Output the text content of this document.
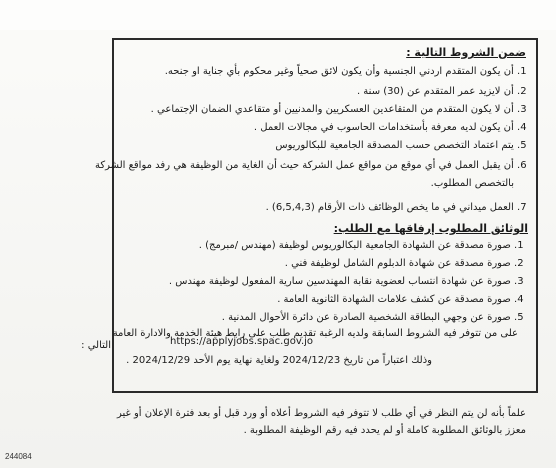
ضمن الشروط التالية :
1. أن يكون المتقدم اردني الجنسية وأن يكون لائق صحياً وغير محكوم بأي جناية او جنحه.
2. أن لايزيد عمر المتقدم عن (30) سنة .
3. أن لا يكون المتقدم من المتقاعدين العسكريين والمدنيين أو متقاعدي الضمان الإجتماعي .
4. أن يكون لديه معرفة بأستخدامات الحاسوب في مجالات العمل .
5. يتم اعتماد التخصص حسب المصدقة الجامعية للبكالوريوس
6. أن يقبل العمل في أي موقع من مواقع عمل الشركة حيث أن الغاية من الوظيفة هي رفد مواقع الشركة
بالتخصص المطلوب.
7. العمل ميداني في ما يخص الوظائف ذات الأرقام (6,5,4,3) .
الوثائق المطلوب إرفاقها مع الطلب:
1. صورة مصدقة عن الشهادة الجامعية البكالوريوس لوظيفة (مهندس /مبرمج) .
2. صورة مصدقة عن شهادة الدبلوم الشامل لوظيفة فني .
3. صورة عن شهادة انتساب لعضوية نقابة المهندسين سارية المفعول لوظيفة مهندس .
4. صورة مصدقة عن كشف علامات الشهادة الثانوية العامة .
5. صورة عن وجهي البطاقة الشخصية الصادرة عن دائرة الأحوال المدنية .
على من تتوفر فيه الشروط السابقة ولديه الرغبة تقديم طلب على رابط هيئة الخدمة والادارة العامة
التالي :	https://applyjobs.spac.gov.jo
وذلك اعتباراً من تاريخ 2024/12/23 ولغاية نهاية يوم الأحد 2024/12/29 .
علماً بأنه لن يتم النظر في أي طلب لا تتوفر فيه الشروط أعلاه أو ورد قبل أو بعد فترة الإعلان أو غير
معزز بالوثائق المطلوبة كاملة أو لم يحدد فيه رقم الوظيفة المطلوبة .
244084
